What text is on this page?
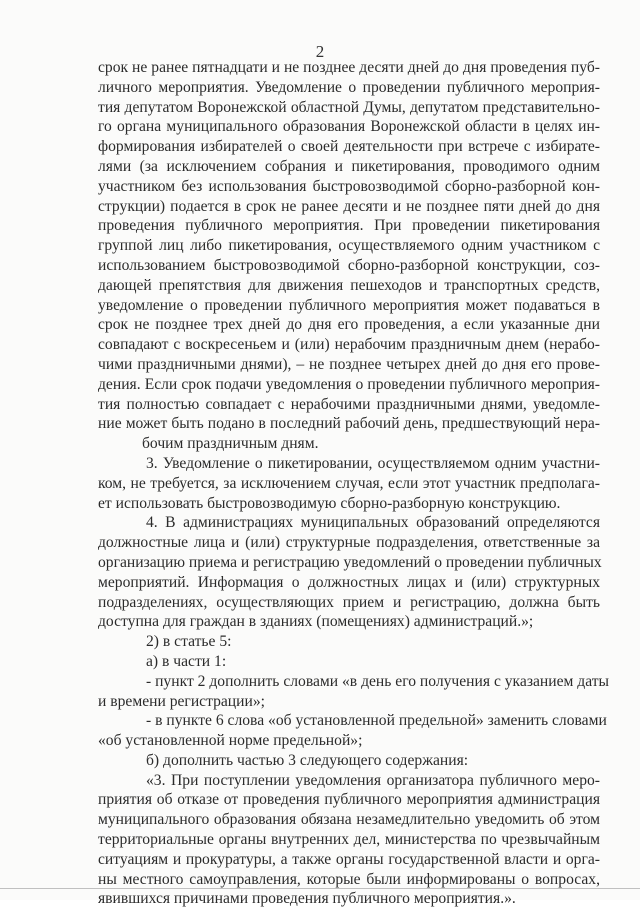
2
срок не ранее пятнадцати и не позднее десяти дней до дня проведения пуб-
личного мероприятия. Уведомление о проведении публичного мероприя-
тия депутатом Воронежской областной Думы, депутатом представительно-
го органа муниципального образования Воронежской области в целях ин-
формирования избирателей о своей деятельности при встрече с избирате-
лями (за исключением собрания и пикетирования, проводимого одним
участником без использования быстровозводимой сборно-разборной кон-
струкции) подается в срок не ранее десяти и не позднее пяти дней до дня
проведения публичного мероприятия. При проведении пикетирования
группой лиц либо пикетирования, осуществляемого одним участником с
использованием быстровозводимой сборно-разборной конструкции, соз-
дающей препятствия для движения пешеходов и транспортных средств,
уведомление о проведении публичного мероприятия может подаваться в
срок не позднее трех дней до дня его проведения, а если указанные дни
совпадают с воскресеньем и (или) нерабочим праздничным днем (нерабо-
чими праздничными днями), – не позднее четырех дней до дня его прове-
дения. Если срок подачи уведомления о проведении публичного мероприя-
тия полностью совпадает с нерабочими праздничными днями, уведомле-
ние может быть подано в последний рабочий день, предшествующий нера-
бочим праздничным дням.
3. Уведомление о пикетировании, осуществляемом одним участни-
ком, не требуется, за исключением случая, если этот участник предполага-
ет использовать быстровозводимую сборно-разборную конструкцию.
4. В администрациях муниципальных образований определяются
должностные лица и (или) структурные подразделения, ответственные за
организацию приема и регистрацию уведомлений о проведении публичных
мероприятий. Информация о должностных лицах и (или) структурных
подразделениях, осуществляющих прием и регистрацию, должна быть
доступна для граждан в зданиях (помещениях) администраций.»;
2) в статье 5:
а) в части 1:
- пункт 2 дополнить словами «в день его получения с указанием даты
и времени регистрации»;
- в пункте 6 слова «об установленной предельной» заменить словами
«об установленной норме предельной»;
б) дополнить частью 3 следующего содержания:
«3. При поступлении уведомления организатора публичного меро-
приятия об отказе от проведения публичного мероприятия администрация
муниципального образования обязана незамедлительно уведомить об этом
территориальные органы внутренних дел, министерства по чрезвычайным
ситуациям и прокуратуры, а также органы государственной власти и орга-
ны местного самоуправления, которые были информированы о вопросах,
явившихся причинами проведения публичного мероприятия.».
